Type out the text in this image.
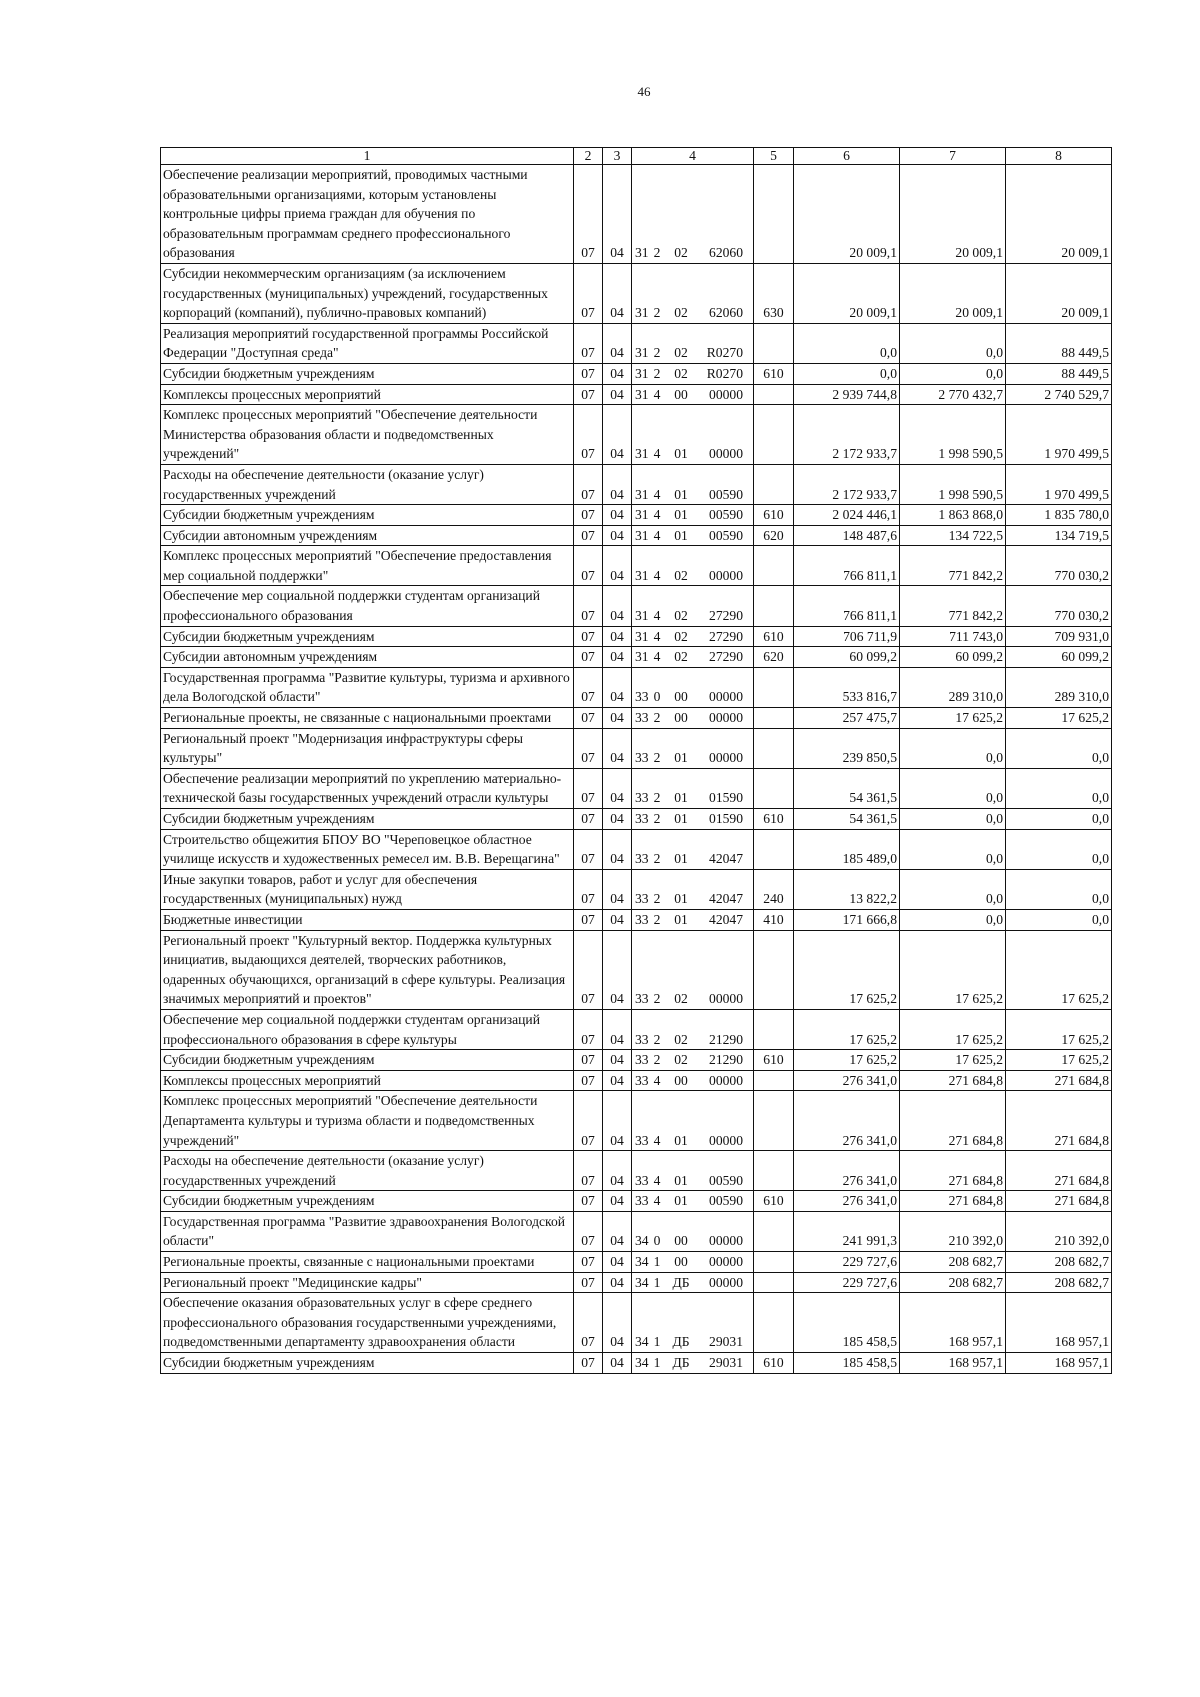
46
1	2	3	4	5	6	7	8
Обеспечение реализации мероприятий, проводимых частными образовательными организациями, которым установлены контрольные цифры приема граждан для обучения по образовательным программам среднего профессионального образования	07	04	31 2 02 62060		20 009,1	20 009,1	20 009,1
Субсидии некоммерческим организациям (за исключением государственных (муниципальных) учреждений, государственных корпораций (компаний), публично-правовых компаний)	07	04	31 2 02 62060	630	20 009,1	20 009,1	20 009,1
Реализация мероприятий государственной программы Российской Федерации "Доступная среда"	07	04	31 2 02 R0270		0,0	0,0	88 449,5
Субсидии бюджетным учреждениям	07	04	31 2 02 R0270	610	0,0	0,0	88 449,5
Комплексы процессных мероприятий	07	04	31 4 00 00000		2 939 744,8	2 770 432,7	2 740 529,7
Комплекс процессных мероприятий "Обеспечение деятельности Министерства образования области и подведомственных учреждений"	07	04	31 4 01 00000		2 172 933,7	1 998 590,5	1 970 499,5
Расходы на обеспечение деятельности (оказание услуг) государственных учреждений	07	04	31 4 01 00590		2 172 933,7	1 998 590,5	1 970 499,5
Субсидии бюджетным учреждениям	07	04	31 4 01 00590	610	2 024 446,1	1 863 868,0	1 835 780,0
Субсидии автономным учреждениям	07	04	31 4 01 00590	620	148 487,6	134 722,5	134 719,5
Комплекс процессных мероприятий "Обеспечение предоставления мер социальной поддержки"	07	04	31 4 02 00000		766 811,1	771 842,2	770 030,2
Обеспечение мер социальной поддержки студентам организаций профессионального образования	07	04	31 4 02 27290		766 811,1	771 842,2	770 030,2
Субсидии бюджетным учреждениям	07	04	31 4 02 27290	610	706 711,9	711 743,0	709 931,0
Субсидии автономным учреждениям	07	04	31 4 02 27290	620	60 099,2	60 099,2	60 099,2
Государственная программа "Развитие культуры, туризма и архивного дела Вологодской области"	07	04	33 0 00 00000		533 816,7	289 310,0	289 310,0
Региональные проекты, не связанные с национальными проектами	07	04	33 2 00 00000		257 475,7	17 625,2	17 625,2
Региональный проект "Модернизация инфраструктуры сферы культуры"	07	04	33 2 01 00000		239 850,5	0,0	0,0
Обеспечение реализации мероприятий по укреплению материально-технической базы государственных учреждений отрасли культуры	07	04	33 2 01 01590		54 361,5	0,0	0,0
Субсидии бюджетным учреждениям	07	04	33 2 01 01590	610	54 361,5	0,0	0,0
Строительство общежития БПОУ ВО "Череповецкое областное училище искусств и художественных ремесел им. В.В. Верещагина"	07	04	33 2 01 42047		185 489,0	0,0	0,0
Иные закупки товаров, работ и услуг для обеспечения государственных (муниципальных) нужд	07	04	33 2 01 42047	240	13 822,2	0,0	0,0
Бюджетные инвестиции	07	04	33 2 01 42047	410	171 666,8	0,0	0,0
Региональный проект "Культурный вектор. Поддержка культурных инициатив, выдающихся деятелей, творческих работников, одаренных обучающихся, организаций в сфере культуры. Реализация значимых мероприятий и проектов"	07	04	33 2 02 00000		17 625,2	17 625,2	17 625,2
Обеспечение мер социальной поддержки студентам организаций профессионального образования в сфере культуры	07	04	33 2 02 21290		17 625,2	17 625,2	17 625,2
Субсидии бюджетным учреждениям	07	04	33 2 02 21290	610	17 625,2	17 625,2	17 625,2
Комплексы процессных мероприятий	07	04	33 4 00 00000		276 341,0	271 684,8	271 684,8
Комплекс процессных мероприятий "Обеспечение деятельности Департамента культуры и туризма области и подведомственных учреждений"	07	04	33 4 01 00000		276 341,0	271 684,8	271 684,8
Расходы на обеспечение деятельности (оказание услуг) государственных учреждений	07	04	33 4 01 00590		276 341,0	271 684,8	271 684,8
Субсидии бюджетным учреждениям	07	04	33 4 01 00590	610	276 341,0	271 684,8	271 684,8
Государственная программа "Развитие здравоохранения Вологодской области"	07	04	34 0 00 00000		241 991,3	210 392,0	210 392,0
Региональные проекты, связанные с национальными проектами	07	04	34 1 00 00000		229 727,6	208 682,7	208 682,7
Региональный проект "Медицинские кадры"	07	04	34 1 ДБ 00000		229 727,6	208 682,7	208 682,7
Обеспечение оказания образовательных услуг в сфере среднего профессионального образования государственными учреждениями, подведомственными департаменту здравоохранения области	07	04	34 1 ДБ 29031		185 458,5	168 957,1	168 957,1
Субсидии бюджетным учреждениям	07	04	34 1 ДБ 29031	610	185 458,5	168 957,1	168 957,1
